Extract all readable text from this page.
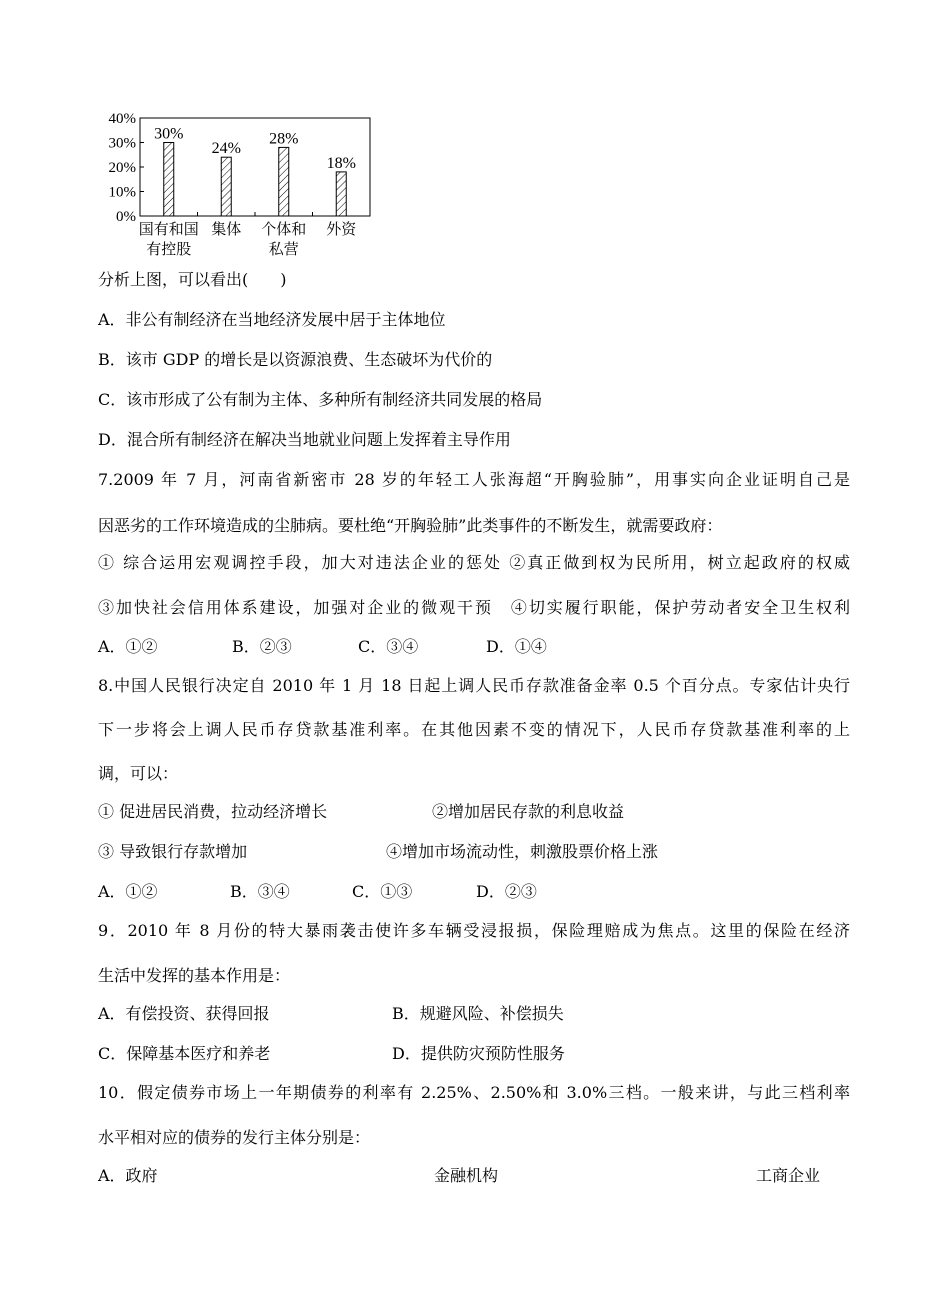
0%
10%
20%
30%
40%
30%
国有和国
有控股
24%
集体
28%
个体和
私营
18%
外资
分析上图，可以看出(　　)
A．非公有制经济在当地经济发展中居于主体地位
B．该市 GDP 的增长是以资源浪费、生态破坏为代价的
C．该市形成了公有制为主体、多种所有制经济共同发展的格局
D．混合所有制经济在解决当地就业问题上发挥着主导作用
7.2009 年 7 月，河南省新密市 28 岁的年轻工人张海超“开胸验肺”，用事实向企业证明自己是
因恶劣的工作环境造成的尘肺病。要杜绝“开胸验肺”此类事件的不断发生，就需要政府：
① 综合运用宏观调控手段，加大对违法企业的惩处 ②真正做到权为民所用，树立起政府的权威
③加快社会信用体系建设，加强对企业的微观干预　④切实履行职能，保护劳动者安全卫生权利
A．①②	B．②③	C．③④	D．①④
8.中国人民银行决定自 2010 年 1 月 18 日起上调人民币存款准备金率 0.5 个百分点。专家估计央行
下一步将会上调人民币存贷款基准利率。在其他因素不变的情况下，人民币存贷款基准利率的上
调，可以：
① 促进居民消费，拉动经济增长	②增加居民存款的利息收益
③ 导致银行存款增加	④增加市场流动性，刺激股票价格上涨
A．①②	B．③④	C．①③	D．②③
9．2010 年 8 月份的特大暴雨袭击使许多车辆受浸报损，保险理赔成为焦点。这里的保险在经济
生活中发挥的基本作用是：
A．有偿投资、获得回报	B．规避风险、补偿损失
C．保障基本医疗和养老	D．提供防灾预防性服务
10．假定债券市场上一年期债券的利率有 2.25%、2.50%和 3.0%三档。一般来讲，与此三档利率
水平相对应的债券的发行主体分别是：
A．政府	金融机构	工商企业
